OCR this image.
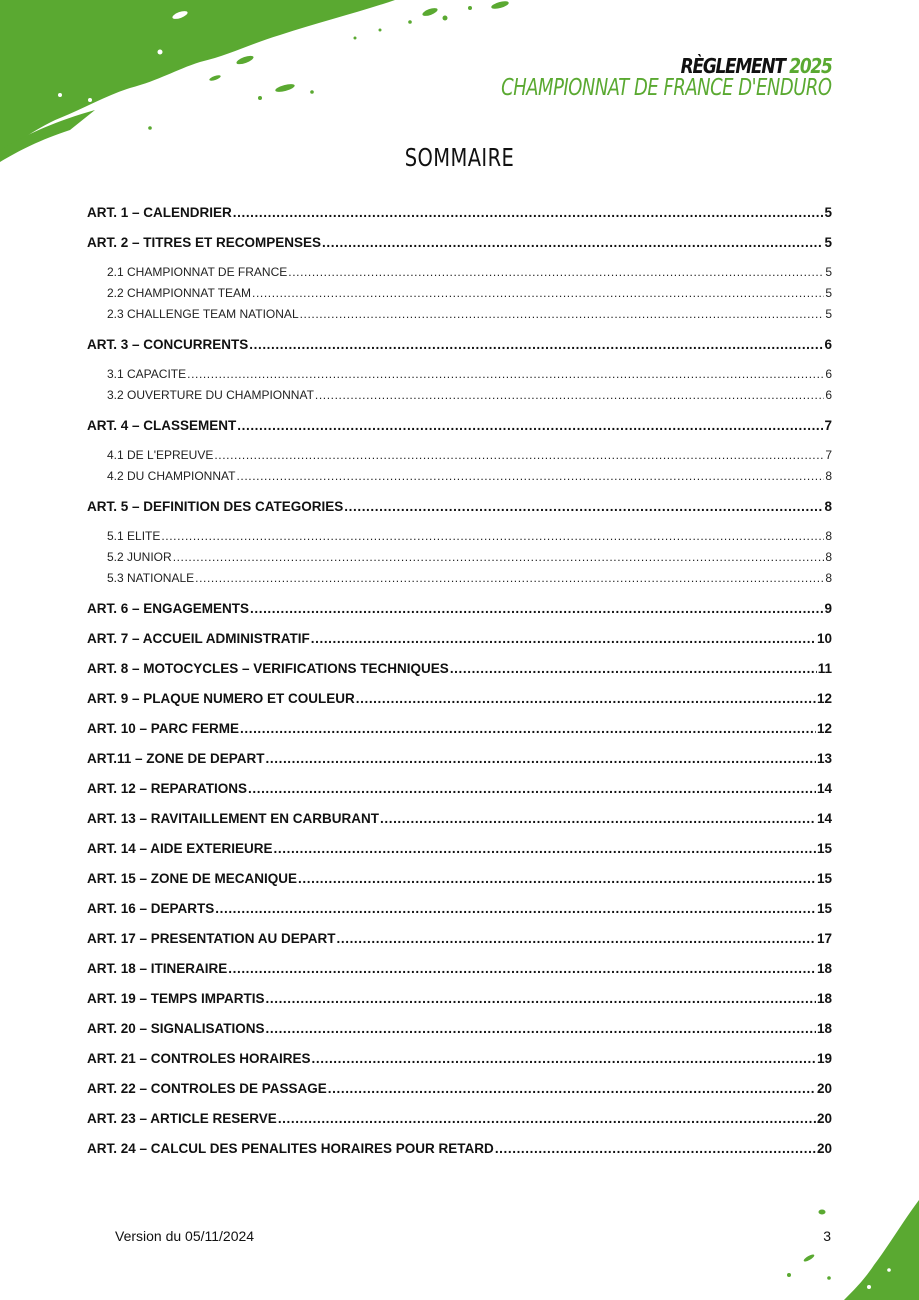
RÈGLEMENT 2025
CHAMPIONNAT DE FRANCE D'ENDURO
SOMMAIRE
ART. 1 – CALENDRIER .....	5
ART. 2 – TITRES ET RECOMPENSES .....	5
2.1 CHAMPIONNAT DE FRANCE .....	5
2.2 CHAMPIONNAT TEAM .....	5
2.3 CHALLENGE TEAM NATIONAL .....	5
ART. 3 – CONCURRENTS .....	6
3.1 CAPACITE .....	6
3.2 OUVERTURE DU CHAMPIONNAT .....	6
ART. 4 – CLASSEMENT .....	7
4.1 DE L'EPREUVE .....	7
4.2 DU CHAMPIONNAT .....	8
ART. 5 – DEFINITION DES CATEGORIES .....	8
5.1 ELITE .....	8
5.2 JUNIOR .....	8
5.3 NATIONALE .....	8
ART. 6 – ENGAGEMENTS .....	9
ART. 7 – ACCUEIL ADMINISTRATIF .....	10
ART. 8 – MOTOCYCLES – VERIFICATIONS TECHNIQUES .....	11
ART. 9 – PLAQUE NUMERO ET COULEUR .....	12
ART. 10 – PARC FERME .....	12
ART.11 – ZONE DE DEPART .....	13
ART. 12 – REPARATIONS .....	14
ART. 13 – RAVITAILLEMENT EN CARBURANT .....	14
ART. 14 – AIDE EXTERIEURE .....	15
ART. 15 – ZONE DE MECANIQUE .....	15
ART. 16 – DEPARTS .....	15
ART. 17 – PRESENTATION AU DEPART .....	17
ART. 18 – ITINERAIRE .....	18
ART. 19 – TEMPS IMPARTIS .....	18
ART. 20 – SIGNALISATIONS .....	18
ART. 21 – CONTROLES HORAIRES .....	19
ART. 22 – CONTROLES DE PASSAGE .....	20
ART. 23 – ARTICLE RESERVE .....	20
ART. 24 – CALCUL DES PENALITES HORAIRES POUR RETARD .....	20
Version du 05/11/2024	3
